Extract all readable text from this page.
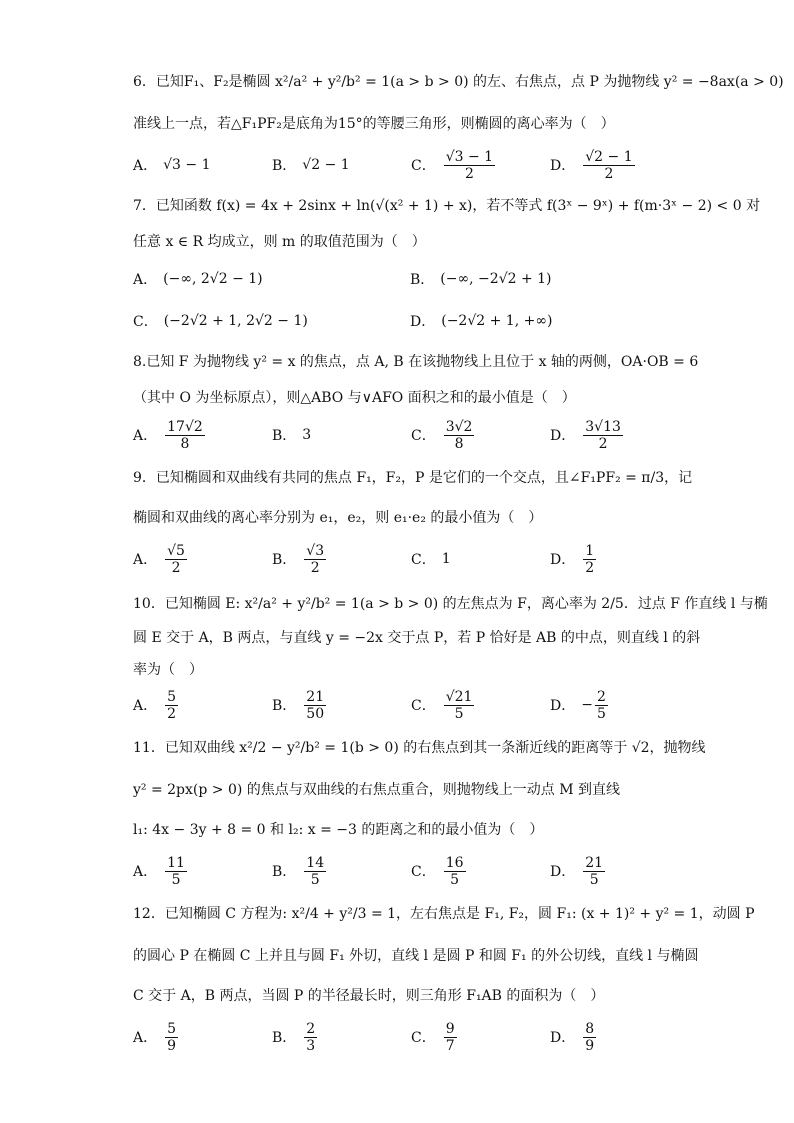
6．已知F₁、F₂是椭圆 x²/a² + y²/b² = 1(a > b > 0) 的左、右焦点，点 P 为抛物线 y² = −8ax(a > 0)
准线上一点，若△F₁PF₂是底角为15°的等腰三角形，则椭圆的离心率为（　）
A． √3 − 1	B． √2 − 1	C． $\frac{√3 - 1}{2}$	D． $\frac{√2 - 1}{2}$
7．已知函数 f(x) = 4x + 2sinx + ln(√(x² + 1) + x)，若不等式 f(3ˣ − 9ˣ) + f(m·3ˣ − 2) < 0 对
任意 x ∈ R 均成立，则 m 的取值范围为（　）
A． (−∞, 2√2 − 1)	B． (−∞, −2√2 + 1)
C． (−2√2 + 1, 2√2 − 1)	D． (−2√2 + 1, +∞)
8.已知 F 为抛物线 y² = x 的焦点，点 A, B 在该抛物线上且位于 x 轴的两侧，OA·OB = 6
（其中 O 为坐标原点），则△ABO 与∨AFO 面积之和的最小值是（　）
A． $\frac{17√2}{8}$	B． 3	C． $\frac{3√2}{8}$	D． $\frac{3√13}{2}$
9．已知椭圆和双曲线有共同的焦点 F₁，F₂，P 是它们的一个交点，且∠F₁PF₂ = π/3，记
椭圆和双曲线的离心率分别为 e₁，e₂，则 e₁·e₂ 的最小值为（　）
A． $\frac{√5}{2}$	B． $\frac{√3}{2}$	C． 1	D． $\frac{1}{2}$
10．已知椭圆 E: x²/a² + y²/b² = 1(a > b > 0) 的左焦点为 F，离心率为 2/5．过点 F 作直线 l 与椭
圆 E 交于 A，B 两点，与直线 y = −2x 交于点 P，若 P 恰好是 AB 的中点，则直线 l 的斜
率为（　）
A． $\frac{5}{2}$	B． $\frac{21}{50}$	C． $\frac{√21}{5}$	D． − $\frac{2}{5}$
11．已知双曲线 x²/2 − y²/b² = 1(b > 0) 的右焦点到其一条渐近线的距离等于 √2，抛物线
y² = 2px(p > 0) 的焦点与双曲线的右焦点重合，则抛物线上一动点 M 到直线
l₁: 4x − 3y + 8 = 0 和 l₂: x = −3 的距离之和的最小值为（　）
A． $\frac{11}{5}$	B． $\frac{14}{5}$	C． $\frac{16}{5}$	D． $\frac{21}{5}$
12．已知椭圆 C 方程为: x²/4 + y²/3 = 1，左右焦点是 F₁, F₂，圆 F₁: (x + 1)² + y² = 1，动圆 P
的圆心 P 在椭圆 C 上并且与圆 F₁ 外切，直线 l 是圆 P 和圆 F₁ 的外公切线，直线 l 与椭圆
C 交于 A，B 两点，当圆 P 的半径最长时，则三角形 F₁AB 的面积为（　）
A． $\frac{5}{9}$	B． $\frac{2}{3}$	C． $\frac{9}{7}$	D． $\frac{8}{9}$
